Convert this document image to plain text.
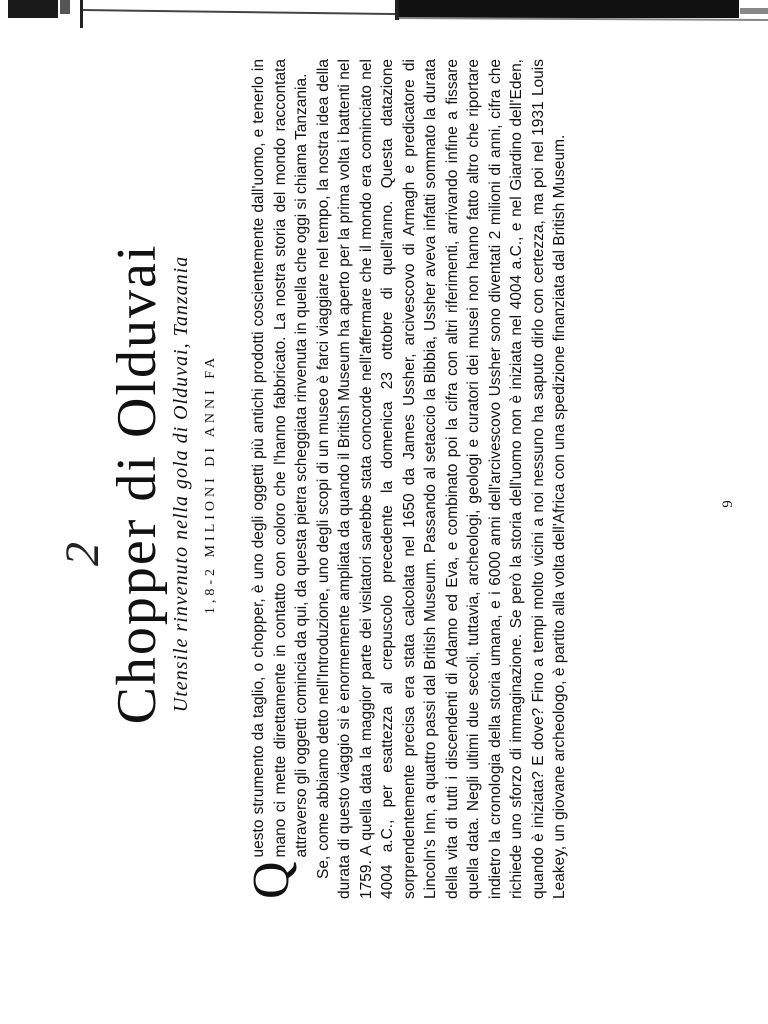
2
Chopper di Olduvai Utensile rinvenuto nella gola di Olduvai, Tanzania 1,8-2 MILIONI DI ANNI FA

Q
uesto strumento da taglio, o chopper, è uno degli oggetti più antichi prodotti coscientemente dall'uomo, e tenerlo in mano ci mette direttamente in contatto con coloro che l'hanno fabbricato. La nostra storia del mondo raccontata attraverso gli oggetti comincia da qui, da questa pietra scheggiata rinvenuta in quella che oggi si chiama Tanzania. Se, come abbiamo detto nell'Introduzione, uno degli scopi di un museo è farci viaggiare nel tempo, la nostra idea della durata di questo viaggio si è enormemente ampliata da quando il British Museum ha aperto per la prima volta i battenti nel 1759. A quella data la maggior parte dei visitatori sarebbe stata concorde nell'affermare che il mondo era cominciato nel 4004 a.C., per esattezza al crepuscolo precedente la domenica 23 ottobre di quell'anno. Questa datazione sorprendentemente precisa era stata calcolata nel 1650 da James Ussher, arcivescovo di Armagh e predicatore di Lincoln's Inn, a quattro passi dal British Museum. Passando al setaccio la Bibbia, Ussher aveva infatti sommato la durata della vita di tutti i discendenti di Adamo ed Eva, e combinato poi la cifra con altri riferimenti, arrivando infine a fissare quella data. Negli ultimi due secoli, tuttavia, archeologi, geologi e curatori dei musei non hanno fatto altro che riportare indietro la cronologia della storia umana, e i 6000 anni dell'arcivescovo Ussher sono diventati 2 milioni di anni, cifra che richiede uno sforzo di immaginazione. Se però la storia dell'uomo non è iniziata nel 4004 a.C., e nel Giardino dell'Eden, quando è iniziata? E dove? Fino a tempi molto vicini a noi nessuno ha saputo dirlo con certezza, ma poi nel 1931 Louis Leakey, un giovane archeologo, è partito alla volta dell'Africa con una spedizione finanziata dal British Museum.	9
